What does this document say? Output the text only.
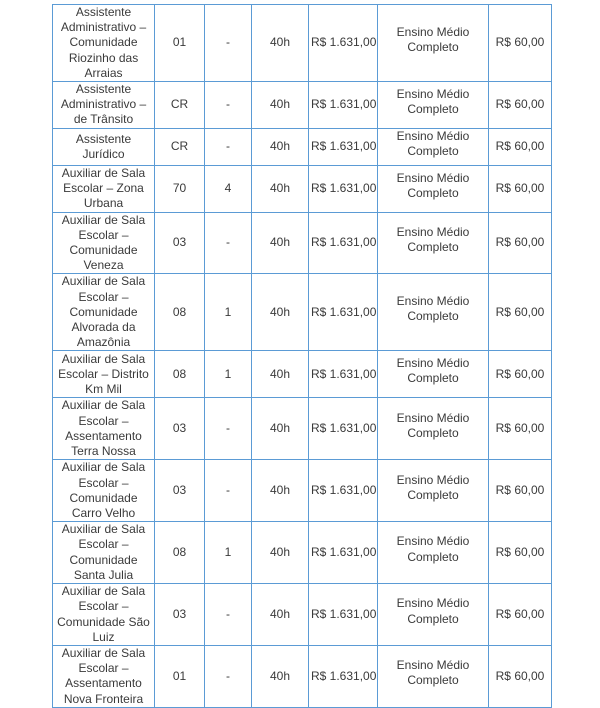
Assistente Administrativo – Comunidade Riozinho das Arraias	01	-	40h	R$ 1.631,00	Ensino Médio Completo	R$ 60,00
Assistente Administrativo – de Trânsito	CR	-	40h	R$ 1.631,00	Ensino Médio Completo	R$ 60,00
Assistente Jurídico	CR	-	40h	R$ 1.631,00	Ensino Médio Completo	R$ 60,00
Auxiliar de Sala Escolar – Zona Urbana	70	4	40h	R$ 1.631,00	Ensino Médio Completo	R$ 60,00
Auxiliar de Sala Escolar – Comunidade Veneza	03	-	40h	R$ 1.631,00	Ensino Médio Completo	R$ 60,00
Auxiliar de Sala Escolar – Comunidade Alvorada da Amazônia	08	1	40h	R$ 1.631,00	Ensino Médio Completo	R$ 60,00
Auxiliar de Sala Escolar – Distrito Km Mil	08	1	40h	R$ 1.631,00	Ensino Médio Completo	R$ 60,00
Auxiliar de Sala Escolar – Assentamento Terra Nossa	03	-	40h	R$ 1.631,00	Ensino Médio Completo	R$ 60,00
Auxiliar de Sala Escolar – Comunidade Carro Velho	03	-	40h	R$ 1.631,00	Ensino Médio Completo	R$ 60,00
Auxiliar de Sala Escolar – Comunidade Santa Julia	08	1	40h	R$ 1.631,00	Ensino Médio Completo	R$ 60,00
Auxiliar de Sala Escolar – Comunidade São Luiz	03	-	40h	R$ 1.631,00	Ensino Médio Completo	R$ 60,00
Auxiliar de Sala Escolar – Assentamento Nova Fronteira	01	-	40h	R$ 1.631,00	Ensino Médio Completo	R$ 60,00
